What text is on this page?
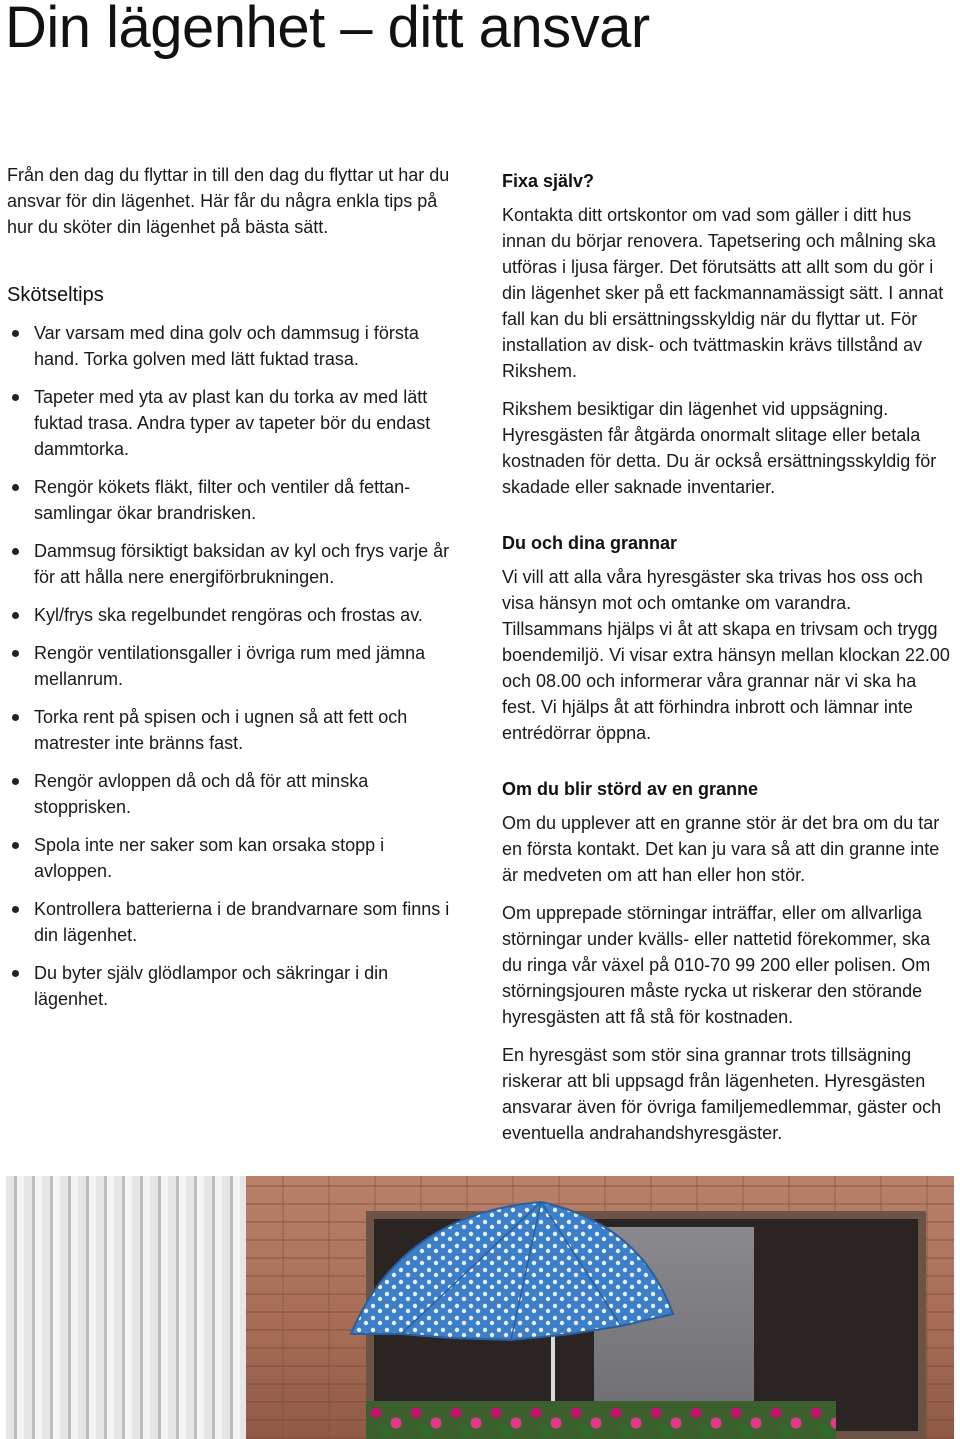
Din lägenhet – ditt ansvar

Från den dag du flyttar in till den dag du flyttar ut har du ansvar för din lägenhet. Här får du några enkla tips på hur du sköter din lägenhet på bästa sätt.

Skötseltips
Var varsam med dina golv och dammsug i första hand. Torka golven med lätt fuktad trasa.
Tapeter med yta av plast kan du torka av med lätt fuktad trasa. Andra typer av tapeter bör du endast dammtorka.
Rengör kökets fläkt, filter och ventiler då fettan-samlingar ökar brandrisken.
Dammsug försiktigt baksidan av kyl och frys varje år för att hålla nere energiförbrukningen.
Kyl/frys ska regelbundet rengöras och frostas av.
Rengör ventilationsgaller i övriga rum med jämna mellanrum.
Torka rent på spisen och i ugnen så att fett och matrester inte bränns fast.
Rengör avloppen då och då för att minska stopprisken.
Spola inte ner saker som kan orsaka stopp i avloppen.
Kontrollera batterierna i de brandvarnare som finns i din lägenhet.
Du byter själv glödlampor och säkringar i din lägenhet.
Fixa själv?

Kontakta ditt ortskontor om vad som gäller i ditt hus innan du börjar renovera. Tapetsering och målning ska utföras i ljusa färger. Det förutsätts att allt som du gör i din lägenhet sker på ett fackmannamässigt sätt. I annat fall kan du bli ersättningsskyldig när du flyttar ut. För installation av disk- och tvättmaskin krävs tillstånd av Rikshem.

Rikshem besiktigar din lägenhet vid uppsägning. Hyresgästen får åtgärda onormalt slitage eller betala kostnaden för detta. Du är också ersättningsskyldig för skadade eller saknade inventarier.

Du och dina grannar

Vi vill att alla våra hyresgäster ska trivas hos oss och visa hänsyn mot och omtanke om varandra. Tillsammans hjälps vi åt att skapa en trivsam och trygg boendemiljö. Vi visar extra hänsyn mellan klockan 22.00 och 08.00 och informerar våra grannar när vi ska ha fest. Vi hjälps åt att förhindra inbrott och lämnar inte entrédörrar öppna.

Om du blir störd av en granne

Om du upplever att en granne stör är det bra om du tar en första kontakt. Det kan ju vara så att din granne inte är medveten om att han eller hon stör.

Om upprepade störningar inträffar, eller om allvarliga störningar under kvälls- eller nattetid förekommer, ska du ringa vår växel på 010-70 99 200 eller polisen. Om störningsjouren måste rycka ut riskerar den störande hyresgästen att få stå för kostnaden.

En hyresgäst som stör sina grannar trots tillsägning riskerar att bli uppsagd från lägenheten. Hyresgästen ansvarar även för övriga familjemedlemmar, gäster och eventuella andrahandshyresgäster.
